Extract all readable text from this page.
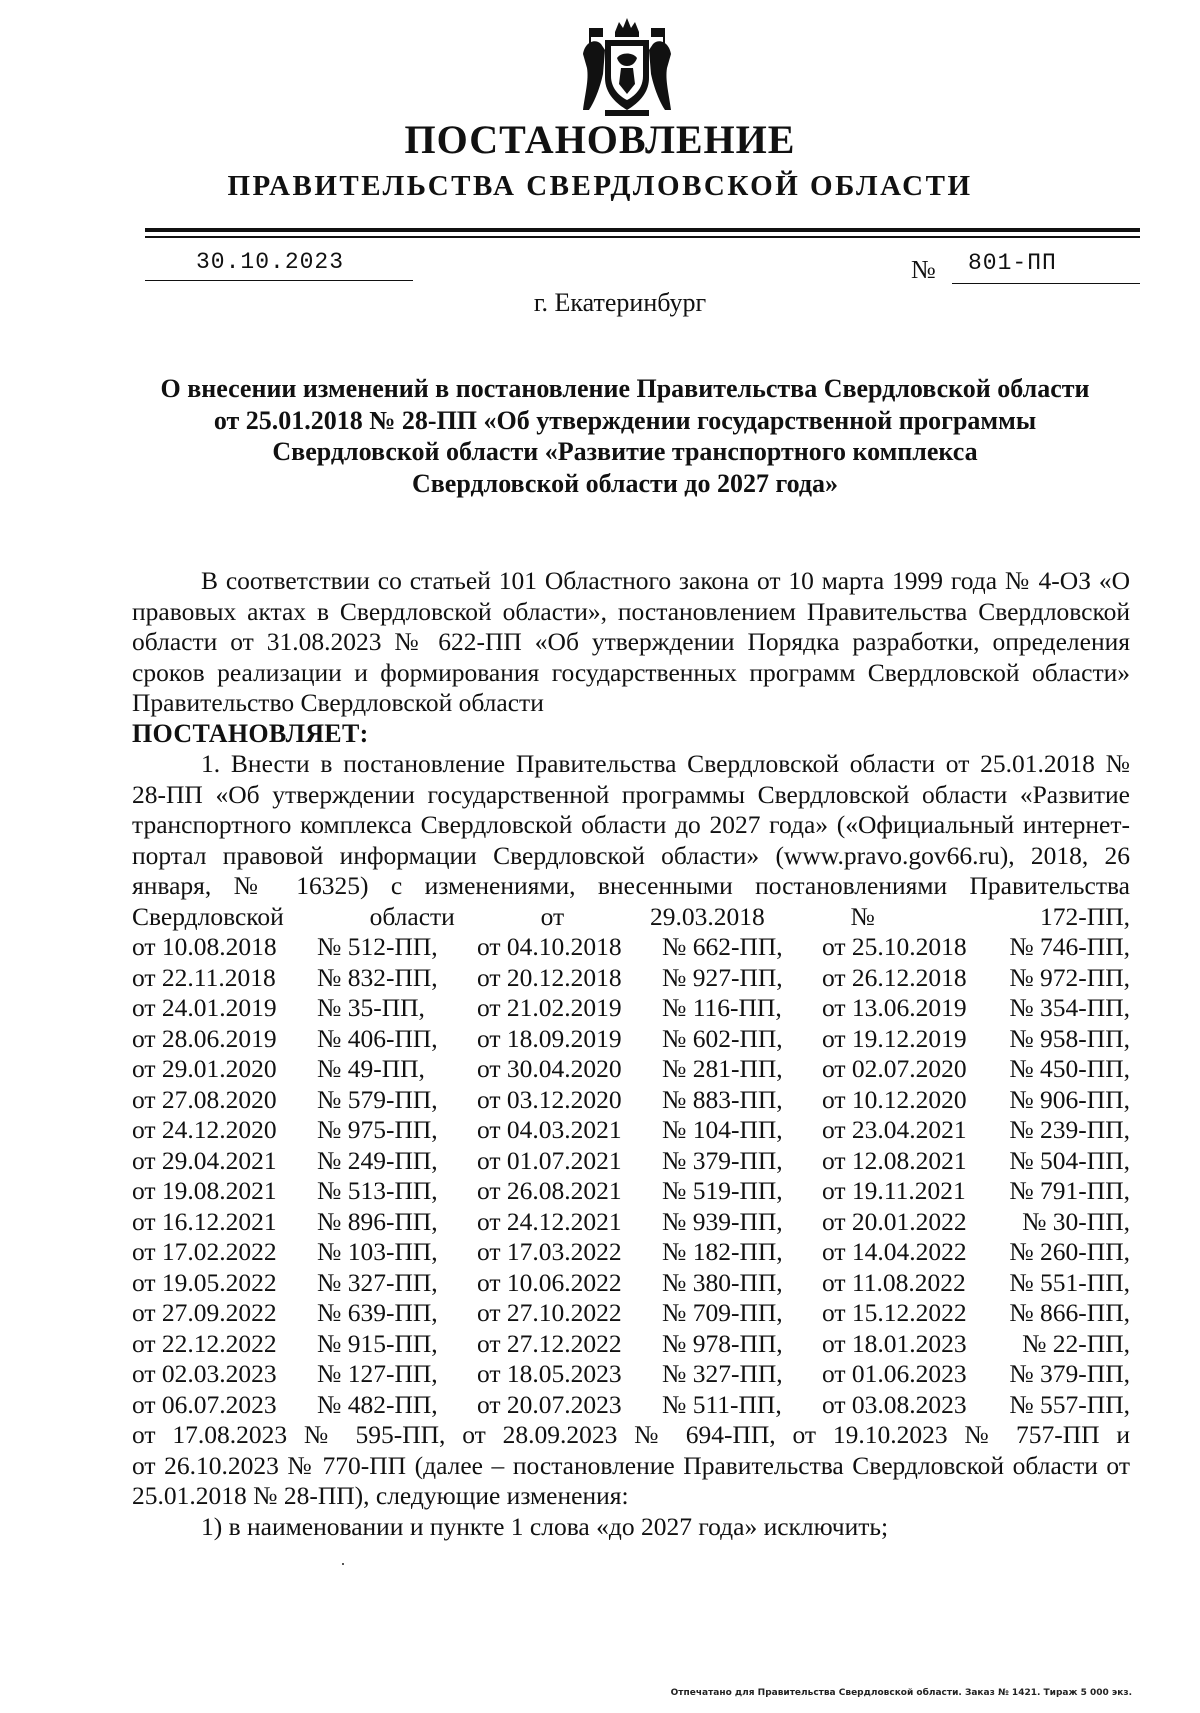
ПОСТАНОВЛЕНИЕ
ПРАВИТЕЛЬСТВА СВЕРДЛОВСКОЙ ОБЛАСТИ
30.10.2023	№ 801-ПП
г. Екатеринбург
О внесении изменений в постановление Правительства Свердловской области
от 25.01.2018 № 28-ПП «Об утверждении государственной программы
Свердловской области «Развитие транспортного комплекса
Свердловской области до 2027 года»

В соответствии со статьей 101 Областного закона от 10 марта 1999 года № 4-ОЗ «О правовых актах в Свердловской области», постановлением Правительства Свердловской области от 31.08.2023 № 622-ПП «Об утверждении Порядка разработки, определения сроков реализации и формирования государственных программ Свердловской области» Правительство Свердловской области

ПОСТАНОВЛЯЕТ:

1. Внести в постановление Правительства Свердловской области от 25.01.2018 № 28-ПП «Об утверждении государственной программы Свердловской области «Развитие транспортного комплекса Свердловской области до 2027 года» («Официальный интернет-портал правовой информации Свердловской области» (www.pravo.gov66.ru), 2018, 26 января, № 16325) с изменениями, внесенными постановлениями Правительства Свердловской области от 29.03.2018 № 172-ПП,

от 10.08.2018	№ 512-ПП,	от 04.10.2018	№ 662-ПП,	от 25.10.2018	№ 746-ПП,
от 22.11.2018	№ 832-ПП,	от 20.12.2018	№ 927-ПП,	от 26.12.2018	№ 972-ПП,
от 24.01.2019	№ 35-ПП,	от 21.02.2019	№ 116-ПП,	от 13.06.2019	№ 354-ПП,
от 28.06.2019	№ 406-ПП,	от 18.09.2019	№ 602-ПП,	от 19.12.2019	№ 958-ПП,
от 29.01.2020	№ 49-ПП,	от 30.04.2020	№ 281-ПП,	от 02.07.2020	№ 450-ПП,
от 27.08.2020	№ 579-ПП,	от 03.12.2020	№ 883-ПП,	от 10.12.2020	№ 906-ПП,
от 24.12.2020	№ 975-ПП,	от 04.03.2021	№ 104-ПП,	от 23.04.2021	№ 239-ПП,
от 29.04.2021	№ 249-ПП,	от 01.07.2021	№ 379-ПП,	от 12.08.2021	№ 504-ПП,
от 19.08.2021	№ 513-ПП,	от 26.08.2021	№ 519-ПП,	от 19.11.2021	№ 791-ПП,
от 16.12.2021	№ 896-ПП,	от 24.12.2021	№ 939-ПП,	от 20.01.2022	№ 30-ПП,
от 17.02.2022	№ 103-ПП,	от 17.03.2022	№ 182-ПП,	от 14.04.2022	№ 260-ПП,
от 19.05.2022	№ 327-ПП,	от 10.06.2022	№ 380-ПП,	от 11.08.2022	№ 551-ПП,
от 27.09.2022	№ 639-ПП,	от 27.10.2022	№ 709-ПП,	от 15.12.2022	№ 866-ПП,
от 22.12.2022	№ 915-ПП,	от 27.12.2022	№ 978-ПП,	от 18.01.2023	№ 22-ПП,
от 02.03.2023	№ 127-ПП,	от 18.05.2023	№ 327-ПП,	от 01.06.2023	№ 379-ПП,
от 06.07.2023	№ 482-ПП,	от 20.07.2023	№ 511-ПП,	от 03.08.2023	№ 557-ПП,

от 17.08.2023 № 595-ПП, от 28.09.2023 № 694-ПП, от 19.10.2023 № 757-ПП и

от 26.10.2023 № 770-ПП (далее – постановление Правительства Свердловской области от 25.01.2018 № 28-ПП), следующие изменения:

1) в наименовании и пункте 1 слова «до 2027 года» исключить;

Отпечатано для Правительства Свердловской области. Заказ № 1421. Тираж 5 000 экз.
